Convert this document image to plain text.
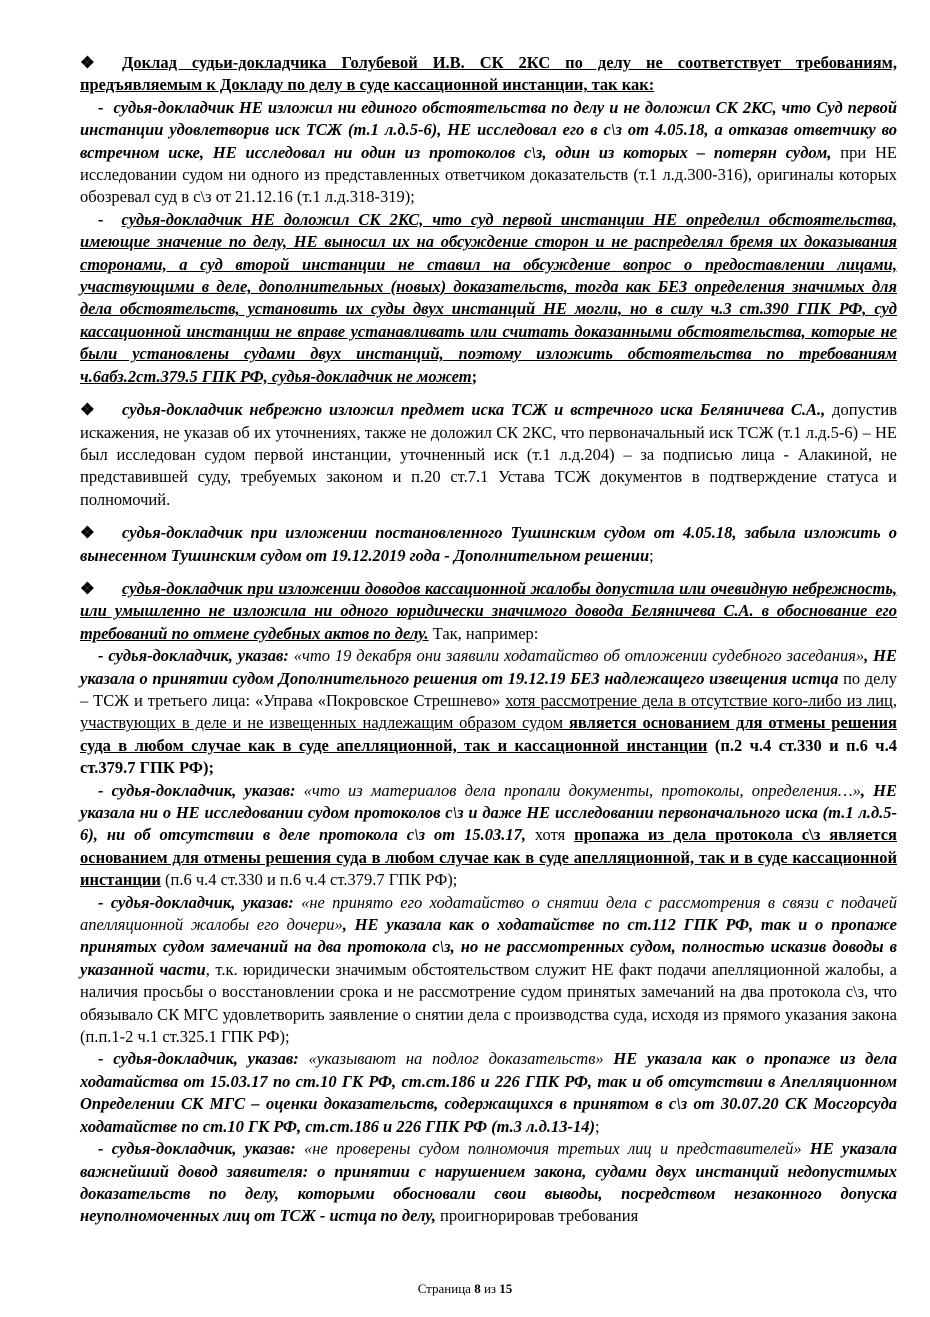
❖ Доклад судьи-докладчика Голубевой И.В. СК 2КС по делу не соответствует требованиям, предъявляемым к Докладу по делу в суде кассационной инстанции, так как:

- судья-докладчик НЕ изложил ни единого обстоятельства по делу и не доложил СК 2КС, что Суд первой инстанции удовлетворив иск ТСЖ (т.1 л.д.5-6), НЕ исследовал его в с\з от 4.05.18, а отказав ответчику во встречном иске, НЕ исследовал ни один из протоколов с\з, один из которых – потерян судом, при НЕ исследовании судом ни одного из представленных ответчиком доказательств (т.1 л.д.300-316), оригиналы которых обозревал суд в с\з от 21.12.16 (т.1 л.д.318-319);

- судья-докладчик НЕ доложил СК 2КС, что суд первой инстанции НЕ определил обстоятельства, имеющие значение по делу, НЕ выносил их на обсуждение сторон и не распределял бремя их доказывания сторонами, а суд второй инстанции не ставил на обсуждение вопрос о предоставлении лицами, участвующими в деле, дополнительных (новых) доказательств, тогда как БЕЗ определения значимых для дела обстоятельств, установить их суды двух инстанций НЕ могли, но в силу ч.3 ст.390 ГПК РФ, суд кассационной инстанции не вправе устанавливать или считать доказанными обстоятельства, которые не были установлены судами двух инстанций, поэтому изложить обстоятельства по требованиям ч.6абз.2ст.379.5 ГПК РФ, судья-докладчик не может;

❖ судья-докладчик небрежно изложил предмет иска ТСЖ и встречного иска Беляничева С.А., допустив искажения, не указав об их уточнениях, также не доложил СК 2КС, что первоначальный иск ТСЖ (т.1 л.д.5-6) – НЕ был исследован судом первой инстанции, уточненный иск (т.1 л.д.204) – за подписью лица - Алакиной, не представившей суду, требуемых законом и п.20 ст.7.1 Устава ТСЖ документов в подтверждение статуса и полномочий.

❖ судья-докладчик при изложении постановленного Тушинским судом от 4.05.18, забыла изложить о вынесенном Тушинским судом от 19.12.2019 года - Дополнительном решении;

❖ судья-докладчик при изложении доводов кассационной жалобы допустила или очевидную небрежность, или умышленно не изложила ни одного юридически значимого довода Беляничева С.А. в обоснование его требований по отмене судебных актов по делу. Так, например:

- судья-докладчик, указав: «что 19 декабря они заявили ходатайство об отложении судебного заседания», НЕ указала о принятии судом Дополнительного решения от 19.12.19 БЕЗ надлежащего извещения истца по делу – ТСЖ и третьего лица: «Управа «Покровское Стрешнево» хотя рассмотрение дела в отсутствие кого-либо из лиц, участвующих в деле и не извещенных надлежащим образом судом является основанием для отмены решения суда в любом случае как в суде апелляционной, так и кассационной инстанции (п.2 ч.4 ст.330 и п.6 ч.4 ст.379.7 ГПК РФ);

- судья-докладчик, указав: «что из материалов дела пропали документы, протоколы, определения…», НЕ указала ни о НЕ исследовании судом протоколов с\з и даже НЕ исследовании первоначального иска (т.1 л.д.5-6), ни об отсутствии в деле протокола с\з от 15.03.17, хотя пропажа из дела протокола с\з является основанием для отмены решения суда в любом случае как в суде апелляционной, так и в суде кассационной инстанции (п.6 ч.4 ст.330 и п.6 ч.4 ст.379.7 ГПК РФ);

- судья-докладчик, указав: «не принято его ходатайство о снятии дела с рассмотрения в связи с подачей апелляционной жалобы его дочери», НЕ указала как о ходатайстве по ст.112 ГПК РФ, так и о пропаже принятых судом замечаний на два протокола с\з, но не рассмотренных судом, полностью исказив доводы в указанной части, т.к. юридически значимым обстоятельством служит НЕ факт подачи апелляционной жалобы, а наличия просьбы о восстановлении срока и не рассмотрение судом принятых замечаний на два протокола с\з, что обязывало СК МГС удовлетворить заявление о снятии дела с производства суда, исходя из прямого указания закона (п.п.1-2 ч.1 ст.325.1 ГПК РФ);

- судья-докладчик, указав: «указывают на подлог доказательств» НЕ указала как о пропаже из дела ходатайства от 15.03.17 по ст.10 ГК РФ, ст.ст.186 и 226 ГПК РФ, так и об отсутствии в Апелляционном Определении СК МГС – оценки доказательств, содержащихся в принятом в с\з от 30.07.20 СК Мосгорсуда ходатайстве по ст.10 ГК РФ, ст.ст.186 и 226 ГПК РФ (т.3 л.д.13-14);

- судья-докладчик, указав: «не проверены судом полномочия третьих лиц и представителей» НЕ указала важнейший довод заявителя: о принятии с нарушением закона, судами двух инстанций недопустимых доказательств по делу, которыми обосновали свои выводы, посредством незаконного допуска неуполномоченных лиц от ТСЖ - истца по делу, проигнорировав требования

Страница 8 из 15
